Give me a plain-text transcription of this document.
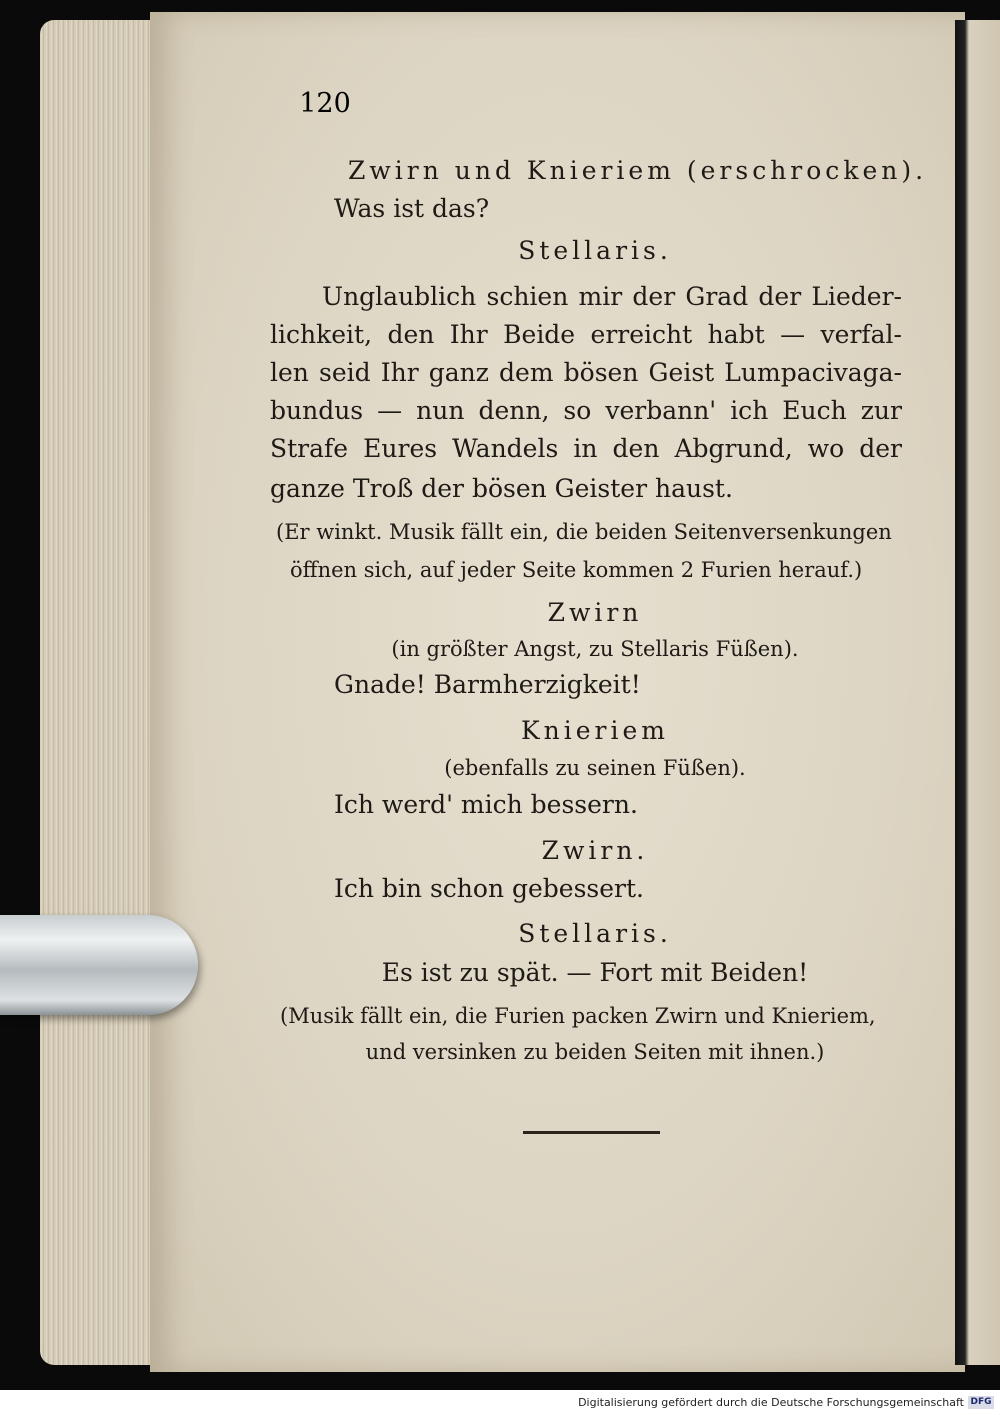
120
Zwirn und Knieriem (erschrocken).
Was ist das?
Stellaris.
Unglaublich schien mir der Grad der Lieder-
lichkeit, den Ihr Beide erreicht habt — verfal-
len seid Ihr ganz dem bösen Geist Lumpacivaga-
bundus — nun denn, so verbann' ich Euch zur
Strafe Eures Wandels in den Abgrund, wo der
ganze Troß der bösen Geister haust.
(Er winkt. Musik fällt ein, die beiden Seitenversenkungen
öffnen sich, auf jeder Seite kommen 2 Furien herauf.)
Zwirn
(in größter Angst, zu Stellaris Füßen).
Gnade! Barmherzigkeit!
Knieriem
(ebenfalls zu seinen Füßen).
Ich werd' mich bessern.
Zwirn.
Ich bin schon gebessert.
Stellaris.
Es ist zu spät. — Fort mit Beiden!
(Musik fällt ein, die Furien packen Zwirn und Knieriem,
und versinken zu beiden Seiten mit ihnen.)
Digitalisierung gefördert durch die Deutsche Forschungsgemeinschaft DFG
